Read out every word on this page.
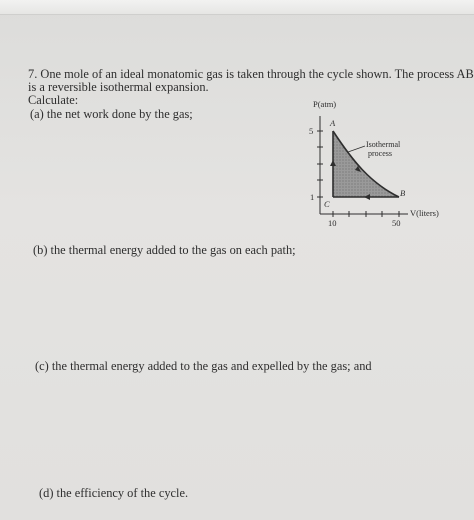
7. One mole of an ideal monatomic gas is taken through the cycle shown. The process AB
is a reversible isothermal expansion.
Calculate:
(a) the net work done by the gas;
(b) the thermal energy added to the gas on each path;
(c) the thermal energy added to the gas and expelled by the gas; and
(d) the efficiency of the cycle.
P(atm)
V(liters)
5
1
10	50
A
B
C
Isothermal
process
